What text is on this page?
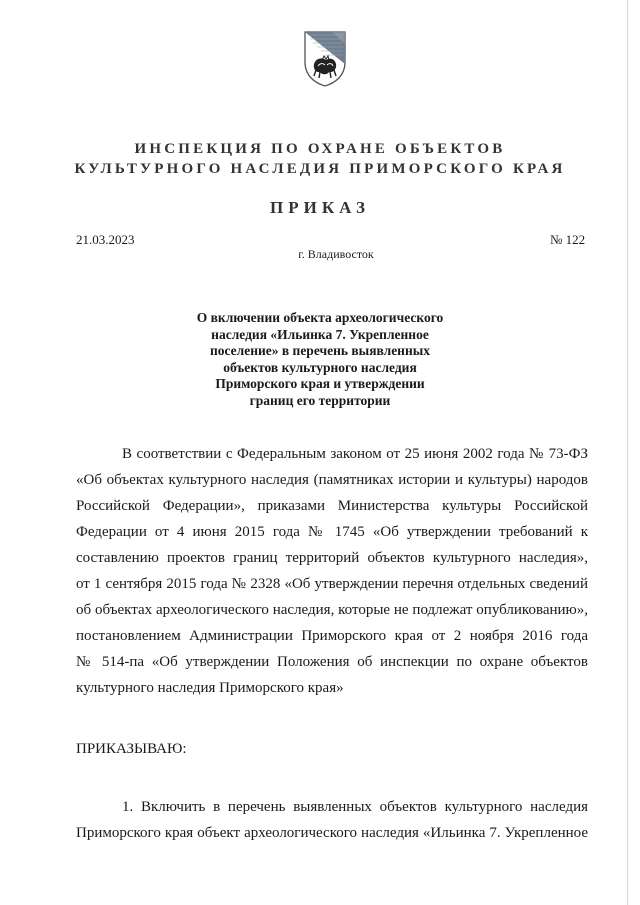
ИНСПЕКЦИЯ ПО ОХРАНЕ ОБЪЕКТОВ
КУЛЬТУРНОГО НАСЛЕДИЯ ПРИМОРСКОГО КРАЯ
ПРИКАЗ
21.03.2023	№ 122
г. Владивосток
О включении объекта археологического
наследия «Ильинка 7. Укрепленное
поселение» в перечень выявленных
объектов культурного наследия
Приморского края и утверждении
границ его территории
В соответствии с Федеральным законом от 25 июня 2002 года № 73-ФЗ
«Об объектах культурного наследия (памятниках истории и культуры) народов
Российской Федерации», приказами Министерства культуры Российской
Федерации от 4 июня 2015 года № 1745 «Об утверждении требований к
составлению проектов границ территорий объектов культурного наследия»,
от 1 сентября 2015 года № 2328 «Об утверждении перечня отдельных сведений
об объектах археологического наследия, которые не подлежат опубликованию»,
постановлением Администрации Приморского края от 2 ноября 2016 года
№ 514-па «Об утверждении Положения об инспекции по охране объектов
культурного наследия Приморского края»
ПРИКАЗЫВАЮ:
1. Включить в перечень выявленных объектов культурного наследия
Приморского края объект археологического наследия «Ильинка 7. Укрепленное
